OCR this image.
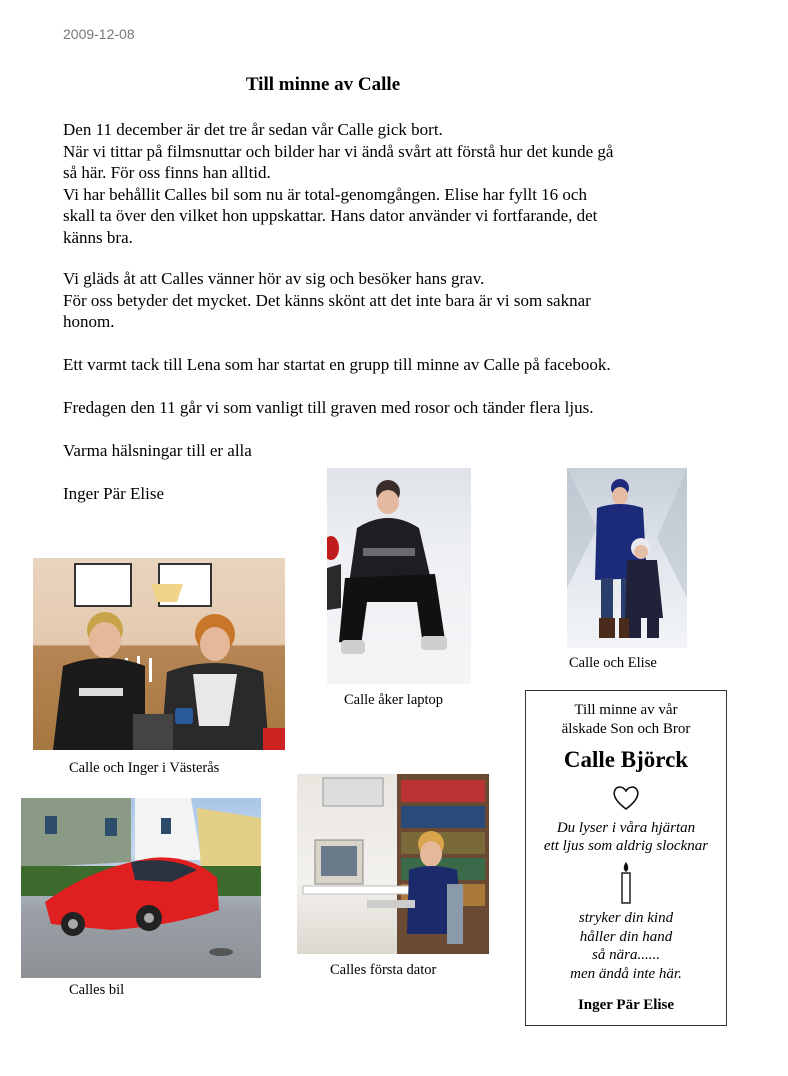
2009-12-08
Till minne av Calle
Den 11 december är det tre år sedan vår Calle gick bort.
När vi tittar på filmsnuttar och bilder har vi ändå svårt att förstå hur det kunde gå
så här. För oss finns han alltid.
Vi har behållit Calles bil som nu är total-genomgången. Elise har fyllt 16 och
skall ta över den vilket hon uppskattar. Hans dator använder vi fortfarande, det
känns bra.
Vi gläds åt att Calles vänner hör av sig och besöker hans grav.
För oss betyder det mycket. Det känns skönt att det inte bara är vi som saknar
honom.
Ett varmt tack till Lena som har startat en grupp till minne av Calle på facebook.
Fredagen den 11 går vi som vanligt till graven med rosor och tänder flera ljus.
Varma hälsningar till er alla
Inger Pär Elise
Calle åker laptop
Calle och Elise
Calle och Inger i Västerås
Calles bil
Calles första dator
Till minne av vår
älskade Son och Bror
Calle Björck
Du lyser i våra hjärtan
ett ljus som aldrig slocknar
stryker din kind
håller din hand
så nära......
men ändå inte här.
Inger Pär Elise
